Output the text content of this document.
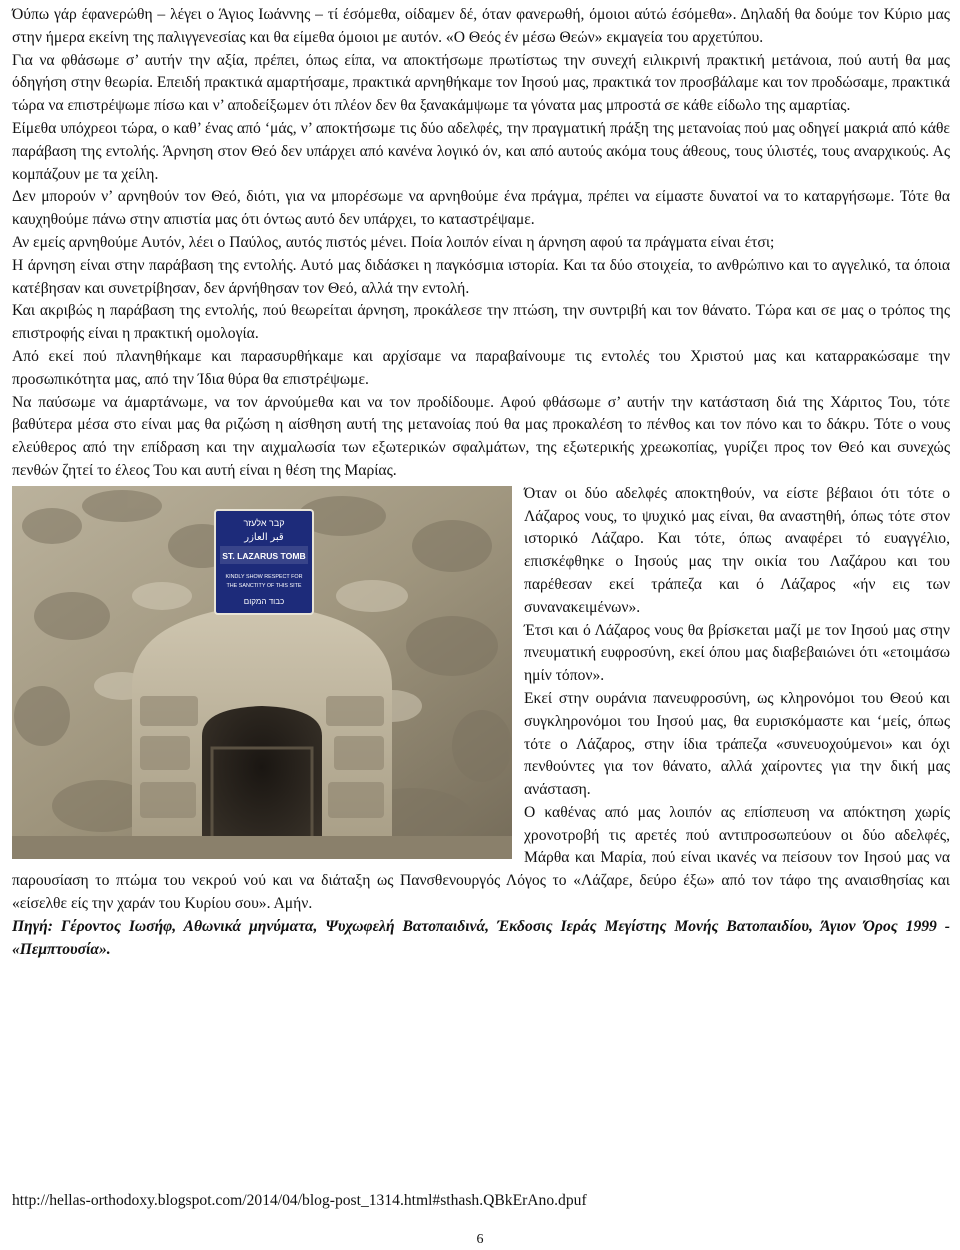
Όύπω γάρ έφανερώθη – λέγει ο Άγιος Ιωάννης – τί έσόμεθα, οίδαμεν δέ, όταν φανερωθή, όμοιοι αύτώ έσόμεθα». Δηλαδή θα δούμε τον Κύριο μας στην ήμερα εκείνη της παλιγγενεσίας και θα είμεθα όμοιοι με αυτόν. «Ο Θεός έν μέσω Θεών» εκμαγεία του αρχετύπου.

Για να φθάσωμε σ’ αυτήν την αξία, πρέπει, όπως είπα, να αποκτήσωμε πρωτίστως την συνεχή ειλικρινή πρακτική μετάνοια, πού αυτή θα μας όδηγήση στην θεωρία. Επειδή πρακτικά αμαρτήσαμε, πρακτικά αρνηθήκαμε τον Ιησού μας, πρακτικά τον προσβάλαμε και τον προδώσαμε, πρακτικά τώρα να επιστρέψωμε πίσω και ν’ αποδείξωμεν ότι πλέον δεν θα ξανακάμψωμε τα γόνατα μας μπροστά σε κάθε είδωλο της αμαρτίας.

Είμεθα υπόχρεοι τώρα, ο καθ’ ένας από ‘μάς, ν’ αποκτήσωμε τις δύο αδελφές, την πραγματική πράξη της μετανοίας πού μας οδηγεί μακριά από κάθε παράβαση της εντολής. Άρνηση στον Θεό δεν υπάρχει από κανένα λογικό όν, και από αυτούς ακόμα τους άθεους, τους ύλιστές, τους αναρχικούς. Ας κομπάζουν με τα χείλη.

Δεν μπορούν ν’ αρνηθούν τον Θεό, διότι, για να μπορέσωμε να αρνηθούμε ένα πράγμα, πρέπει να είμαστε δυνατοί να το καταργήσωμε. Τότε θα καυχηθούμε πάνω στην απιστία μας ότι όντως αυτό δεν υπάρχει, το καταστρέψαμε.

Αν εμείς αρνηθούμε Αυτόν, λέει ο Παύλος, αυτός πιστός μένει. Ποία λοιπόν είναι η άρνηση αφού τα πράγματα είναι έτσι;

Η άρνηση είναι στην παράβαση της εντολής. Αυτό μας διδάσκει η παγκόσμια ιστορία. Και τα δύο στοιχεία, το ανθρώπινο και το αγγελικό, τα όποια κατέβησαν και συνετρίβησαν, δεν άρνήθησαν τον Θεό, αλλά την εντολή.

Και ακριβώς η παράβαση της εντολής, πού θεωρείται άρνηση, προκάλεσε την πτώση, την συντριβή και τον θάνατο. Τώρα και σε μας ο τρόπος της επιστροφής είναι η πρακτική ομολογία.

Από εκεί πού πλανηθήκαμε και παρασυρθήκαμε και αρχίσαμε να παραβαίνουμε τις εντολές του Χριστού μας και καταρρακώσαμε την προσωπικότητα μας, από την Ίδια θύρα θα επιστρέψωμε.

Να παύσωμε να άμαρτάνωμε, να τον άρνούμεθα και να τον προδίδουμε. Αφού φθάσωμε σ’ αυτήν την κατάσταση διά της Χάριτος Του, τότε βαθύτερα μέσα στο είναι μας θα ριζώση η αίσθηση αυτή της μετανοίας πού θα μας προκαλέση το πένθος και τον πόνο και το δάκρυ. Τότε ο νους ελεύθερος από την επίδραση και την αιχμαλωσία των εξωτερικών σφαλμάτων, της εξωτερικής χρεωκοπίας, γυρίζει προς τον Θεό και συνεχώς πενθών ζητεί το έλεος Του και αυτή είναι η θέση της Μαρίας.

קבר אלעזר
قبر العازر
ST. LAZARUS TOMB
KINDLY SHOW RESPECT FOR
THE SANCTITY OF THIS SITE
כבוד המקום

Όταν οι δύο αδελφές αποκτηθούν, να είστε βέβαιοι ότι τότε ο Λάζαρος νους, το ψυχικό μας είναι, θα αναστηθή, όπως τότε στον ιστορικό Λάζαρο. Και τότε, όπως αναφέρει τό ευαγγέλιο, επισκέφθηκε ο Ιησούς μας την οικία του Λαζάρου και του παρέθεσαν εκεί τράπεζα και ό Λάζαρος «ήν εις των συνανακειμένων».

Έτσι και ό Λάζαρος νους θα βρίσκεται μαζί με τον Ιησού μας στην πνευματική ευφροσύνη, εκεί όπου μας διαβεβαιώνει ότι «ετοιμάσω ημίν τόπον».

Εκεί στην ουράνια πανευφροσύνη, ως κληρονόμοι του Θεού και συγκληρονόμοι του Ιησού μας, θα ευρισκόμαστε και ‘μείς, όπως τότε ο Λάζαρος, στην ίδια τράπεζα «συνευοχούμενοι» και όχι πενθούντες για τον θάνατο, αλλά χαίροντες για την δική μας ανάσταση.

Ο καθένας από μας λοιπόν ας επίσπευση να απόκτηση χωρίς χρονοτροβή τις αρετές πού αντιπροσωπεύουν οι δύο αδελφές, Μάρθα και Μαρία, πού είναι ικανές να πείσουν τον Ιησού μας να παρουσίαση το πτώμα του νεκρού νού και να διάταξη ως Πανσθενουργός Λόγος το «Λάζαρε, δεύρο έξω» από τον τάφο της αναισθησίας και «είσελθε είς την χαράν του Κυρίου σου». Αμήν.

Πηγή: Γέροντος Ιωσήφ, Αθωνικά μηνύματα, Ψυχωφελή Βατοπαιδινά, Έκδοσις Ιεράς Μεγίστης Μονής Βατοπαιδίου, Άγιον Όρος 1999 - «Πεμπτουσία».

http://hellas-orthodoxy.blogspot.com/2014/04/blog-post_1314.html#sthash.QBkErAno.dpuf
6
